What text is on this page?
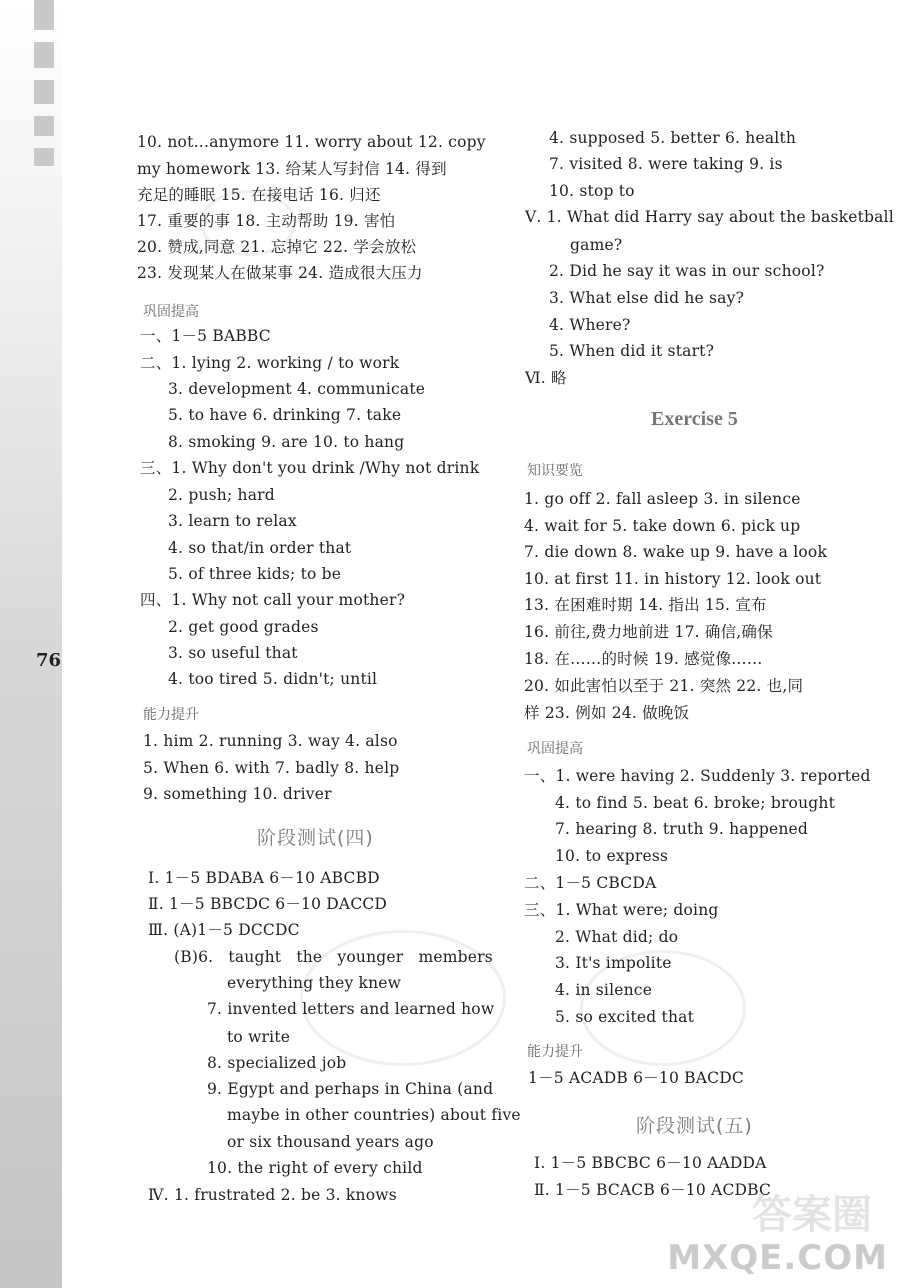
76
10. not…anymore 11. worry about 12. copy
my homework 13. 给某人写封信 14. 得到
充足的睡眠 15. 在接电话 16. 归还
17. 重要的事 18. 主动帮助 19. 害怕
20. 赞成,同意 21. 忘掉它 22. 学会放松
23. 发现某人在做某事 24. 造成很大压力
巩固提高
一、1－5 BABBC
二、1. lying 2. working / to work
3. development 4. communicate
5. to have 6. drinking 7. take
8. smoking 9. are 10. to hang
三、1. Why don't you drink /Why not drink
2. push; hard
3. learn to relax
4. so that/in order that
5. of three kids; to be
四、1. Why not call your mother?
2. get good grades
3. so useful that
4. too tired 5. didn't; until
能力提升
1. him 2. running 3. way 4. also
5. When 6. with 7. badly 8. help
9. something 10. driver
阶段测试(四)
Ⅰ. 1－5 BDABA 6－10 ABCBD
Ⅱ. 1－5 BBCDC 6－10 DACCD
Ⅲ. (A)1－5 DCCDC
(B)6. taught the younger members
everything they knew
7. invented letters and learned how
to write
8. specialized job
9. Egypt and perhaps in China (and
maybe in other countries) about five
or six thousand years ago
10. the right of every child
Ⅳ. 1. frustrated 2. be 3. knows
4. supposed 5. better 6. health
7. visited 8. were taking 9. is
10. stop to
Ⅴ. 1. What did Harry say about the basketball
game?
2. Did he say it was in our school?
3. What else did he say?
4. Where?
5. When did it start?
Ⅵ. 略
Exercise 5
知识要览
1. go off 2. fall asleep 3. in silence
4. wait for 5. take down 6. pick up
7. die down 8. wake up 9. have a look
10. at first 11. in history 12. look out
13. 在困难时期 14. 指出 15. 宣布
16. 前往,费力地前进 17. 确信,确保
18. 在……的时候 19. 感觉像……
20. 如此害怕以至于 21. 突然 22. 也,同
样 23. 例如 24. 做晚饭
巩固提高
一、1. were having 2. Suddenly 3. reported
4. to find 5. beat 6. broke; brought
7. hearing 8. truth 9. happened
10. to express
二、1－5 CBCDA
三、1. What were; doing
2. What did; do
3. It's impolite
4. in silence
5. so excited that
能力提升
1－5 ACADB 6－10 BACDC
阶段测试(五)
Ⅰ. 1－5 BBCBC 6－10 AADDA
Ⅱ. 1－5 BCACB 6－10 ACDBC
答案圈
MXQE.COM
